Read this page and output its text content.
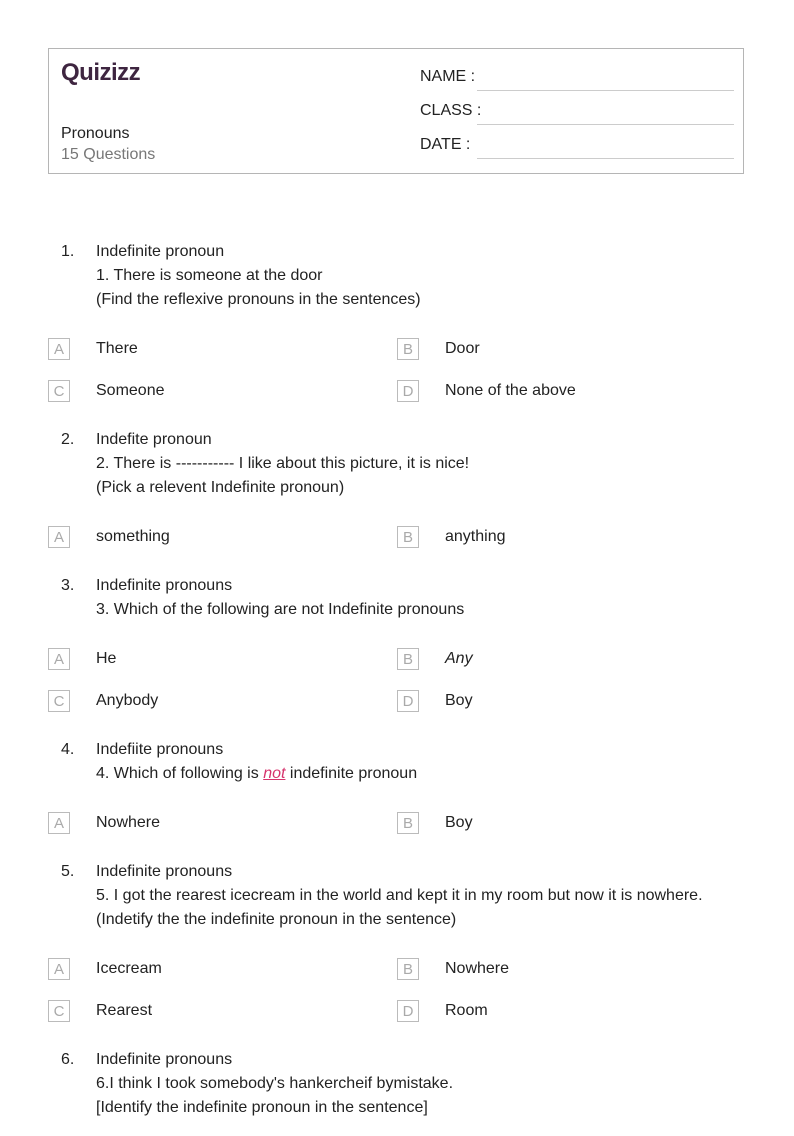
Quizizz
Pronouns
15 Questions
NAME :
CLASS :
DATE :
1. Indefinite pronoun
1. There is someone at the door
(Find the reflexive pronouns in the sentences)
A	There	B	Door
C	Someone	D	None of the above
2. Indefite pronoun
2. There is ----------- I like about this picture, it is nice!
(Pick a relevent Indefinite pronoun)
A	something	B	anything
3. Indefinite pronouns
3. Which of the following are not Indefinite pronouns
A	He	B	Any
C	Anybody	D	Boy
4. Indefiite pronouns
4. Which of following is not indefinite pronoun
A	Nowhere	B	Boy
5. Indefinite pronouns
5. I got the rearest icecream in the world and kept it in my room but now it is nowhere.
(Indetify the the indefinite pronoun in the sentence)
A	Icecream	B	Nowhere
C	Rearest	D	Room
6. Indefinite pronouns
6.I think I took somebody's hankercheif bymistake.
[Identify the indefinite pronoun in the sentence]
